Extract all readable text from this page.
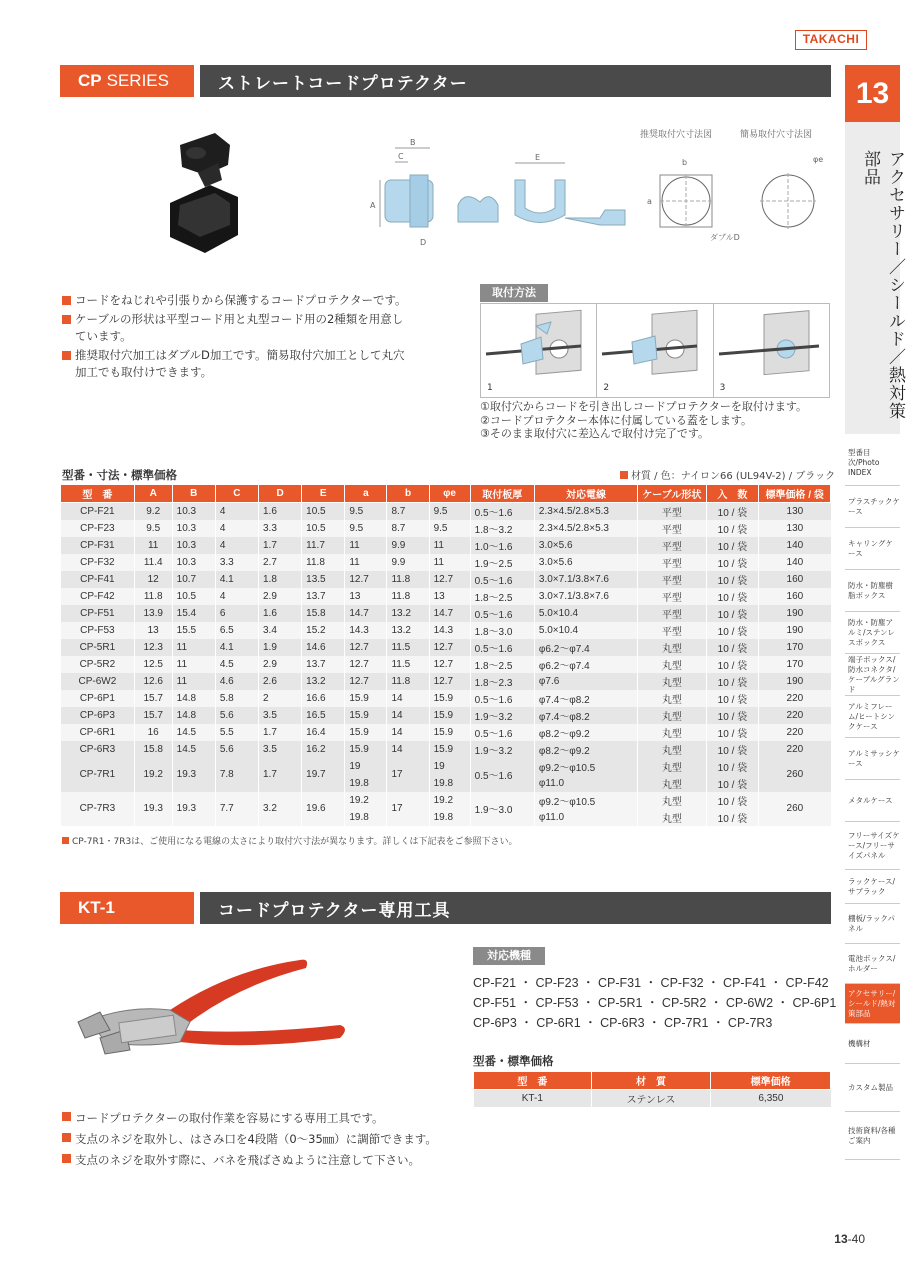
TAKACHI
CP SERIES	ストレートコードプロテクター	13
アクセサリー／シールド／熱対策部品
型番目次/Photo INDEX
プラスチックケース
キャリングケース
防水・防塵樹脂ボックス
防水・防塵アルミ/ステンレスボックス
端子ボックス/防水コネクタ/ケーブルグランド
アルミフレーム/ヒートシンクケース
アルミサッシケース
メタルケース
フリーサイズケース/フリーサイズパネル
ラックケース/サブラック
棚板/ラックパネル
電池ボックス/ホルダー
アクセサリー/シールド/熱対策部品
機構材
カスタム製品
技術資料/各種ご案内
推奨取付穴寸法図	簡易取付穴寸法図
A
B
C
D
E
b
a
ダブルD
φe
コードをねじれや引張りから保護するコードプロテクターです。
ケーブルの形状は平型コード用と丸型コード用の2種類を用意しています。
推奨取付穴加工はダブルD加工です。簡易取付穴加工として丸穴加工でも取付けできます。
取付方法
1	2	3
①取付穴からコードを引き出しコードプロテクターを取付けます。
②コードプロテクター本体に付属している蓋をします。
③そのまま取付穴に差込んで取付け完了です。
型番・寸法・標準価格	材質 / 色：ナイロン66 (UL94V-2) / ブラック
型　番	A	B	C	D	E	a	b	φe	取付板厚	対応電線	ケーブル形状	入　数	標準価格 / 袋
CP-F21	9.2	10.3	4	1.6	10.5	9.5	8.7	9.5	0.5～1.6	2.3×4.5/2.8×5.3	平型	10 / 袋	130
CP-F23	9.5	10.3	4	3.3	10.5	9.5	8.7	9.5	1.8～3.2	2.3×4.5/2.8×5.3	平型	10 / 袋	130
CP-F31	11	10.3	4	1.7	11.7	11	9.9	11	1.0～1.6	3.0×5.6	平型	10 / 袋	140
CP-F32	11.4	10.3	3.3	2.7	11.8	11	9.9	11	1.9～2.5	3.0×5.6	平型	10 / 袋	140
CP-F41	12	10.7	4.1	1.8	13.5	12.7	11.8	12.7	0.5～1.6	3.0×7.1/3.8×7.6	平型	10 / 袋	160
CP-F42	11.8	10.5	4	2.9	13.7	13	11.8	13	1.8～2.5	3.0×7.1/3.8×7.6	平型	10 / 袋	160
CP-F51	13.9	15.4	6	1.6	15.8	14.7	13.2	14.7	0.5～1.6	5.0×10.4	平型	10 / 袋	190
CP-F53	13	15.5	6.5	3.4	15.2	14.3	13.2	14.3	1.8～3.0	5.0×10.4	平型	10 / 袋	190
CP-5R1	12.3	11	4.1	1.9	14.6	12.7	11.5	12.7	0.5～1.6	φ6.2～φ7.4	丸型	10 / 袋	170
CP-5R2	12.5	11	4.5	2.9	13.7	12.7	11.5	12.7	1.8～2.5	φ6.2～φ7.4	丸型	10 / 袋	170
CP-6W2	12.6	11	4.6	2.6	13.2	12.7	11.8	12.7	1.8～2.3	φ7.6	丸型	10 / 袋	190
CP-6P1	15.7	14.8	5.8	2	16.6	15.9	14	15.9	0.5～1.6	φ7.4～φ8.2	丸型	10 / 袋	220
CP-6P3	15.7	14.8	5.6	3.5	16.5	15.9	14	15.9	1.9～3.2	φ7.4～φ8.2	丸型	10 / 袋	220
CP-6R1	16	14.5	5.5	1.7	16.4	15.9	14	15.9	0.5～1.6	φ8.2～φ9.2	丸型	10 / 袋	220
CP-6R3	15.8	14.5	5.6	3.5	16.2	15.9	14	15.9	1.9～3.2	φ8.2～φ9.2	丸型	10 / 袋	220
CP-7R1	19.2	19.3	7.8	1.7	19.7	19	17	19	0.5～1.6	φ9.2～φ10.5	丸型	10 / 袋	260
						19.8		19.8		φ11.0	丸型	10 / 袋	
CP-7R3	19.3	19.3	7.7	3.2	19.6	19.2	17	19.2	1.9～3.0	φ9.2～φ10.5	丸型	10 / 袋	260
						19.8		19.8		φ11.0	丸型	10 / 袋	
CP-7R1・7R3は、ご使用になる電線の太さにより取付穴寸法が異なります。詳しくは下記表をご参照下さい。
KT-1	コードプロテクター専用工具
対応機種
CP-F21 ・ CP-F23 ・ CP-F31 ・ CP-F32 ・ CP-F41 ・ CP-F42
CP-F51 ・ CP-F53 ・ CP-5R1 ・ CP-5R2 ・ CP-6W2 ・ CP-6P1
CP-6P3 ・ CP-6R1 ・ CP-6R3 ・ CP-7R1 ・ CP-7R3
型番・標準価格
型　番	材　質	標準価格
KT-1	ステンレス	6,350
コードプロテクターの取付作業を容易にする専用工具です。
支点のネジを取外し、はさみ口を4段階（0～35㎜）に調節できます。
支点のネジを取外す際に、バネを飛ばさぬように注意して下さい。
13-40
